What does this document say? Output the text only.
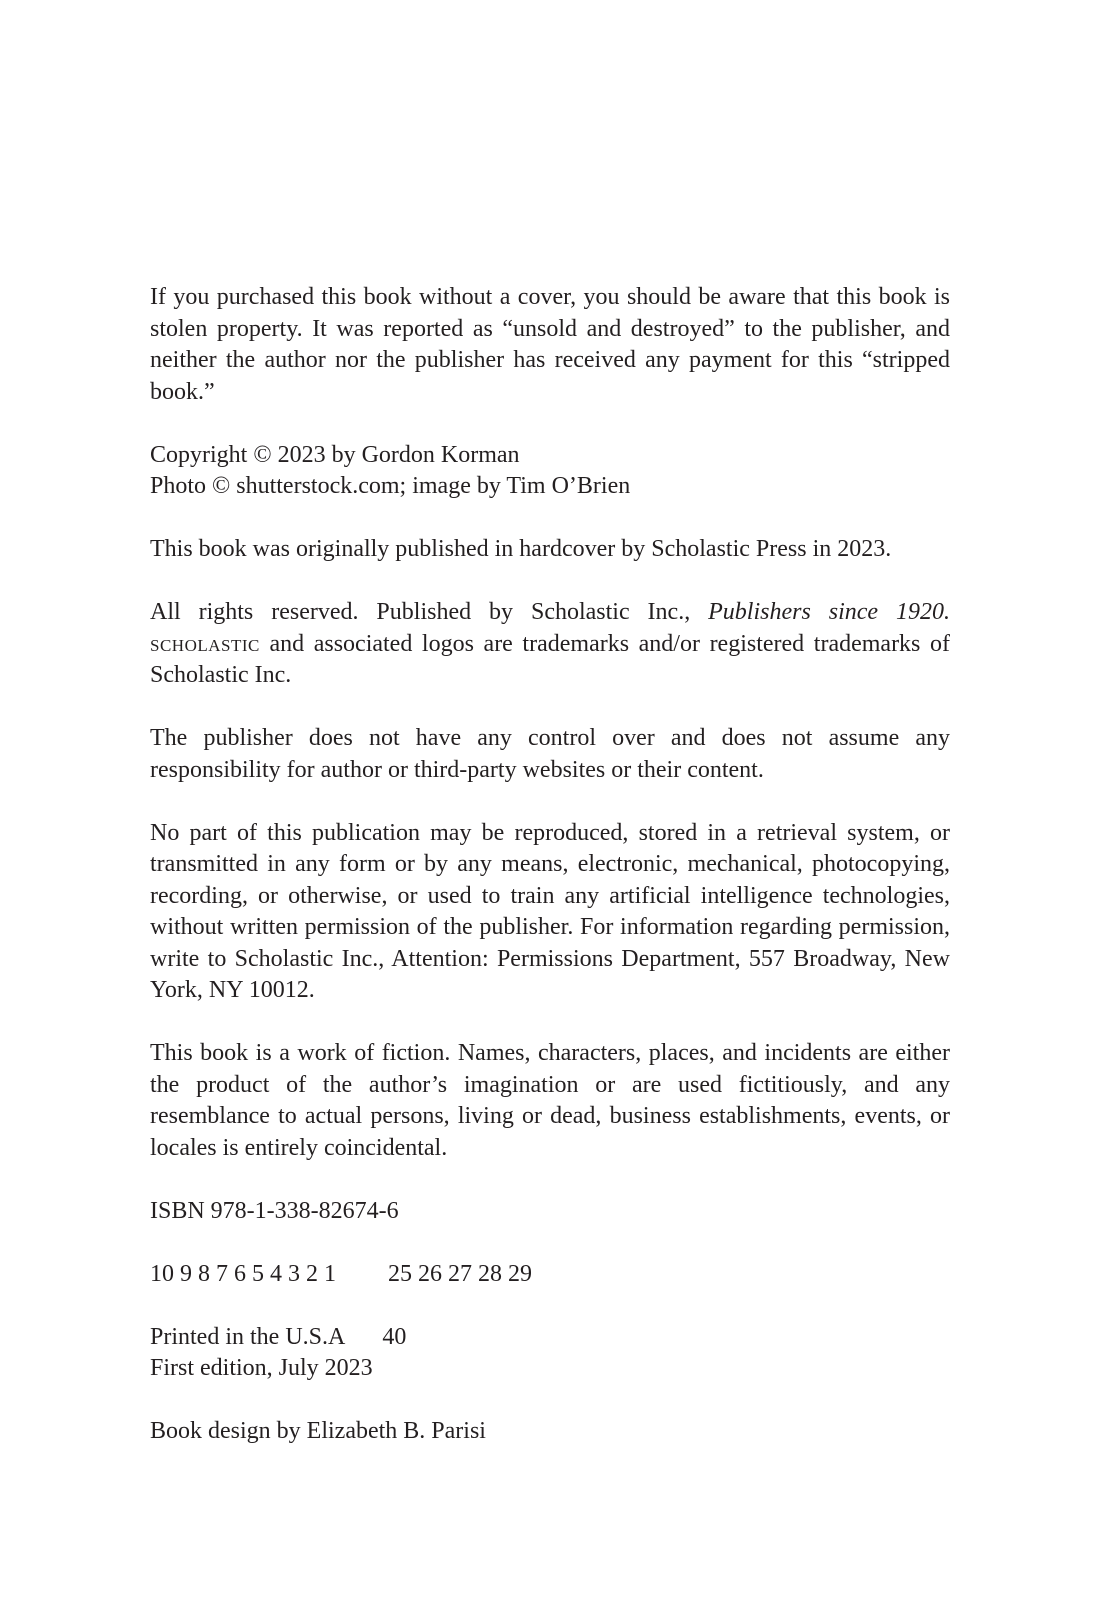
If you purchased this book without a cover, you should be aware that this book is stolen property. It was reported as “unsold and destroyed” to the publisher, and neither the author nor the publisher has received any payment for this “stripped book.”

Copyright © 2023 by Gordon Korman
Photo © shutterstock.com; image by Tim O’Brien

This book was originally published in hardcover by Scholastic Press in 2023.

All rights reserved. Published by Scholastic Inc., Publishers since 1920. scholastic and associated logos are trademarks and/or registered trademarks of Scholastic Inc.

The publisher does not have any control over and does not assume any responsibility for author or third-party websites or their content.

No part of this publication may be reproduced, stored in a retrieval system, or transmitted in any form or by any means, electronic, mechanical, photocopying, recording, or otherwise, or used to train any artificial intelligence technologies, without written permission of the publisher. For information regarding permission, write to Scholastic Inc., Attention: Permissions Department, 557 Broadway, New York, NY 10012.

This book is a work of fiction. Names, characters, places, and incidents are either the product of the author’s imagination or are used fictitiously, and any resemblance to actual persons, living or dead, business establishments, events, or locales is entirely coincidental.

ISBN 978-1-338-82674-6

10 9 8 7 6 5 4 3 2 1 25 26 27 28 29

Printed in the U.S.A 40
First edition, July 2023

Book design by Elizabeth B. Parisi
